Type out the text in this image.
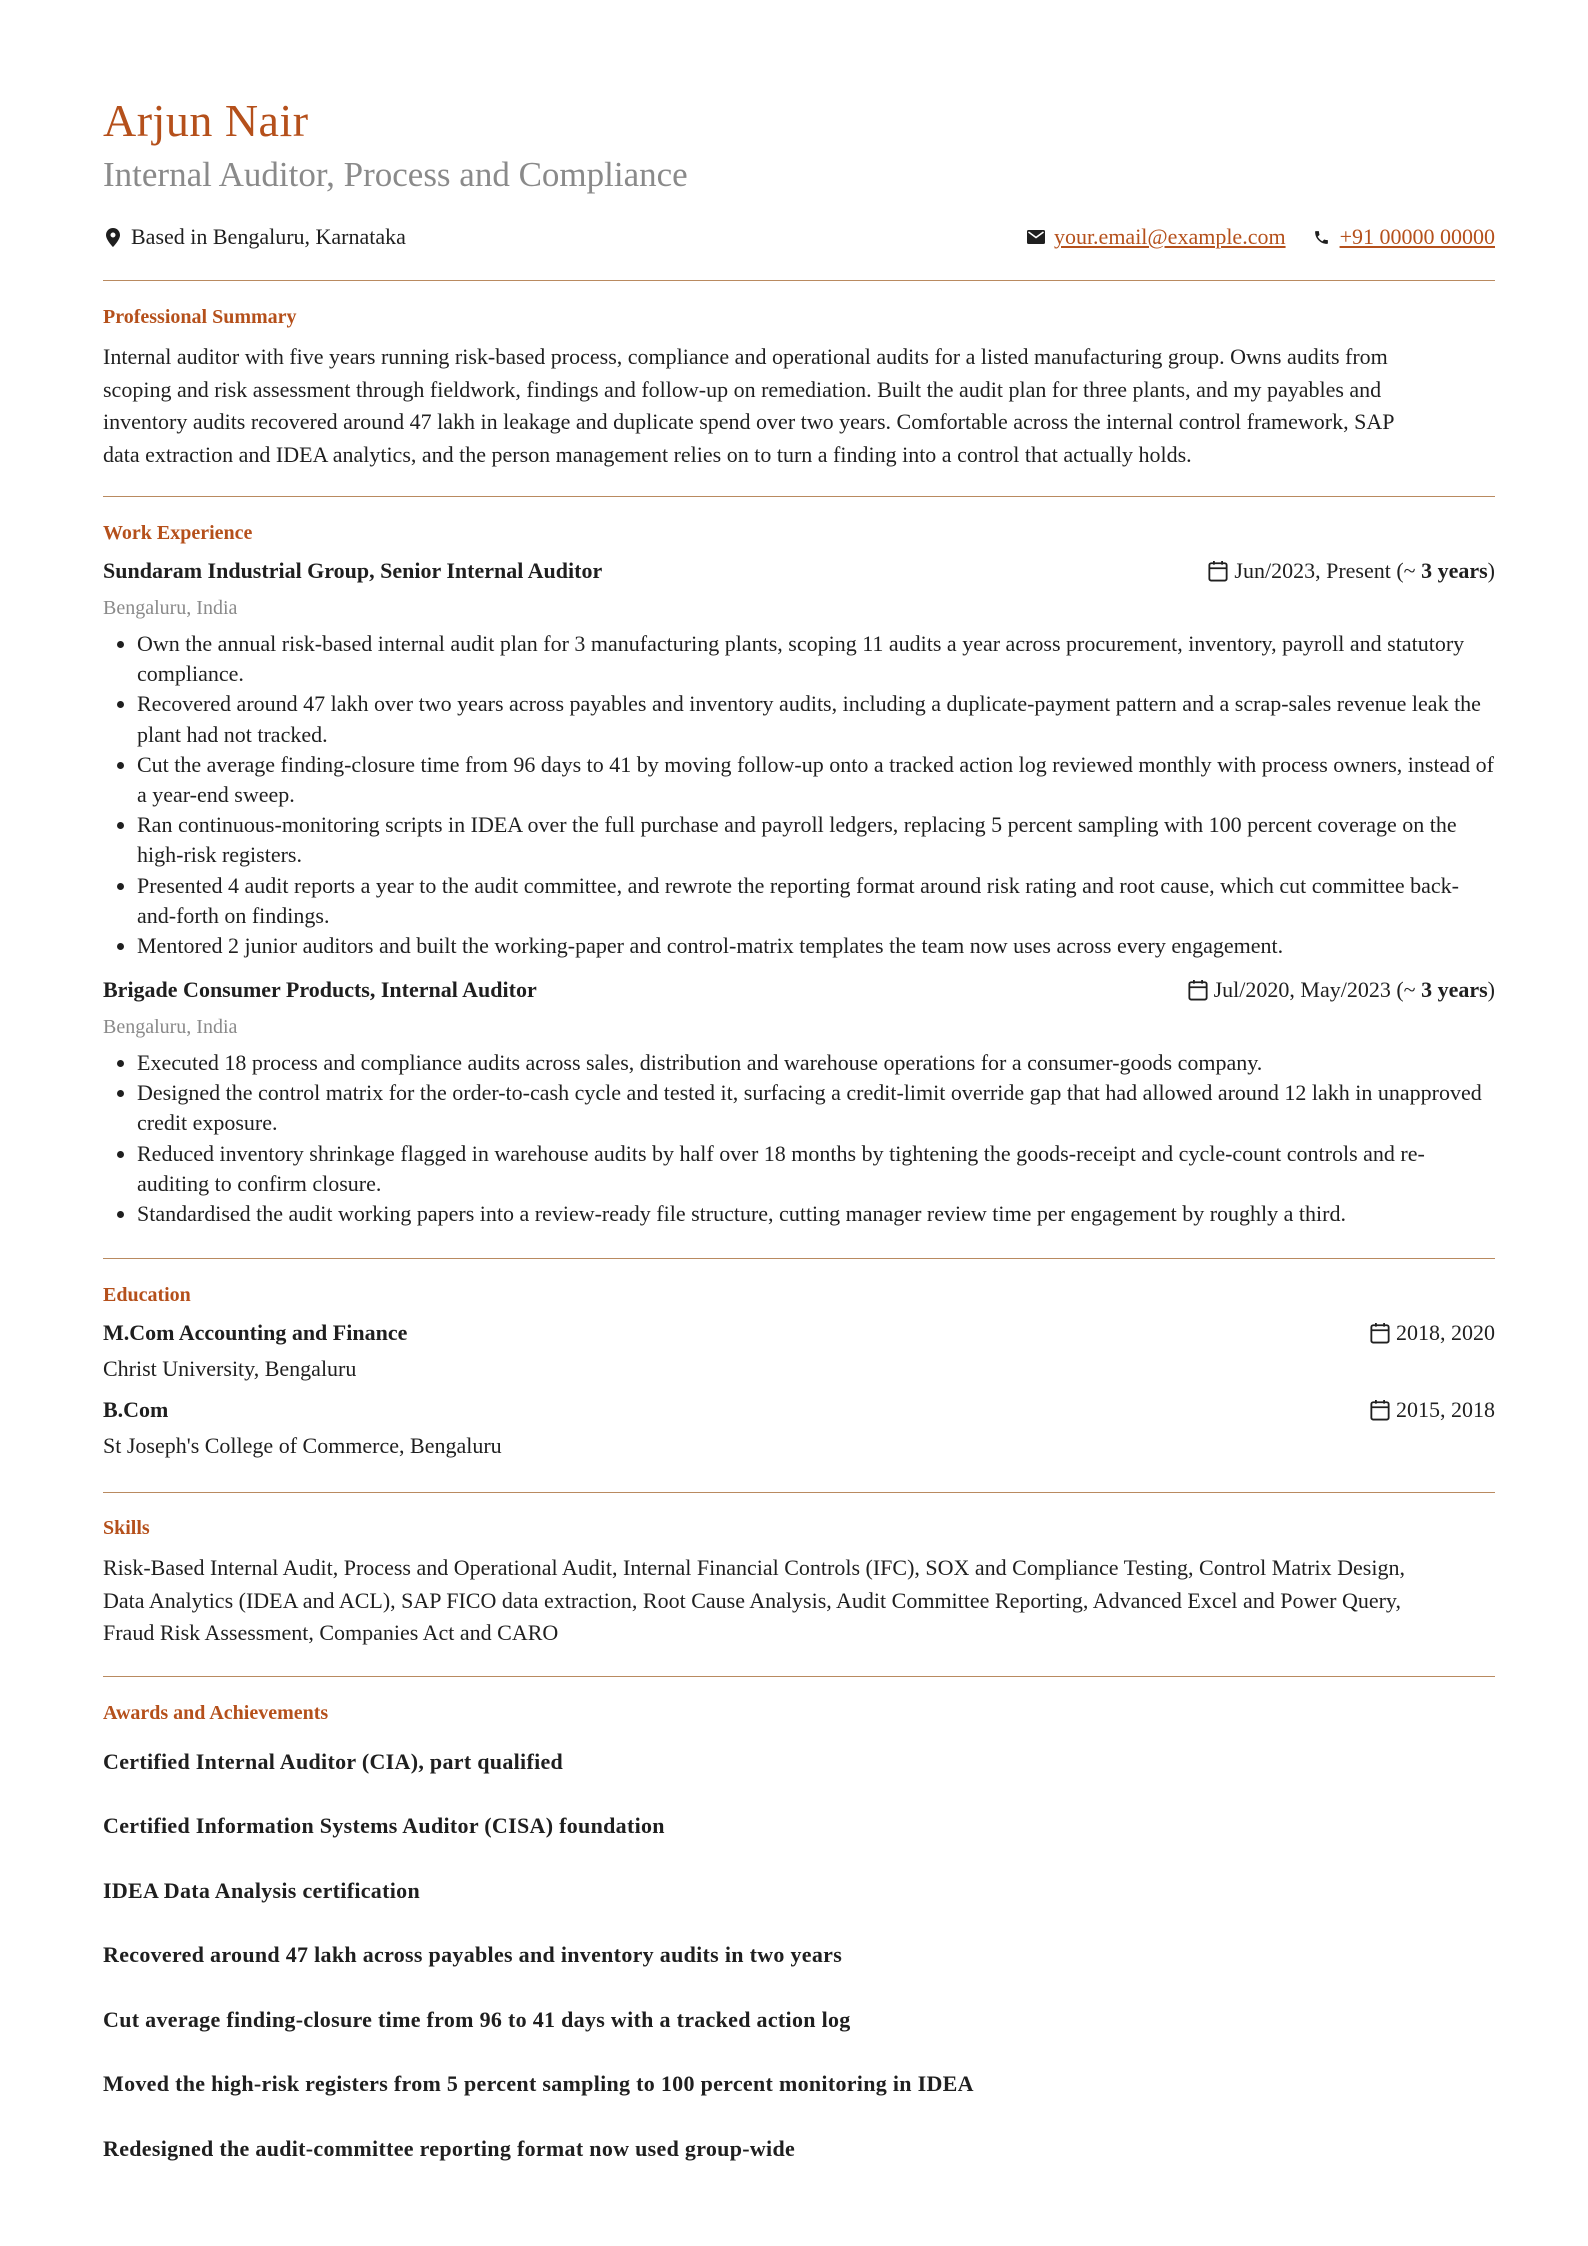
Arjun Nair
Internal Auditor, Process and Compliance
Based in Bengaluru, Karnataka	your.email@example.com +91 00000 00000
Professional Summary
Internal auditor with five years running risk-based process, compliance and operational audits for a listed manufacturing group. Owns audits from
scoping and risk assessment through fieldwork, findings and follow-up on remediation. Built the audit plan for three plants, and my payables and
inventory audits recovered around 47 lakh in leakage and duplicate spend over two years. Comfortable across the internal control framework, SAP
data extraction and IDEA analytics, and the person management relies on to turn a finding into a control that actually holds.
Work Experience
Sundaram Industrial Group, Senior Internal Auditor	Jun/2023, Present (~ 3 years)
Bengaluru, India
• Own the annual risk-based internal audit plan for 3 manufacturing plants, scoping 11 audits a year across procurement, inventory, payroll and statutory compliance.
• Recovered around 47 lakh over two years across payables and inventory audits, including a duplicate-payment pattern and a scrap-sales revenue leak the plant had not tracked.
• Cut the average finding-closure time from 96 days to 41 by moving follow-up onto a tracked action log reviewed monthly with process owners, instead of a year-end sweep.
• Ran continuous-monitoring scripts in IDEA over the full purchase and payroll ledgers, replacing 5 percent sampling with 100 percent coverage on the high-risk registers.
• Presented 4 audit reports a year to the audit committee, and rewrote the reporting format around risk rating and root cause, which cut committee back-and-forth on findings.
• Mentored 2 junior auditors and built the working-paper and control-matrix templates the team now uses across every engagement.
Brigade Consumer Products, Internal Auditor	Jul/2020, May/2023 (~ 3 years)
Bengaluru, India
• Executed 18 process and compliance audits across sales, distribution and warehouse operations for a consumer-goods company.
• Designed the control matrix for the order-to-cash cycle and tested it, surfacing a credit-limit override gap that had allowed around 12 lakh in unapproved credit exposure.
• Reduced inventory shrinkage flagged in warehouse audits by half over 18 months by tightening the goods-receipt and cycle-count controls and re-auditing to confirm closure.
• Standardised the audit working papers into a review-ready file structure, cutting manager review time per engagement by roughly a third.
Education
M.Com Accounting and Finance	2018, 2020
Christ University, Bengaluru
B.Com	2015, 2018
St Joseph's College of Commerce, Bengaluru
Skills
Risk-Based Internal Audit, Process and Operational Audit, Internal Financial Controls (IFC), SOX and Compliance Testing, Control Matrix Design,
Data Analytics (IDEA and ACL), SAP FICO data extraction, Root Cause Analysis, Audit Committee Reporting, Advanced Excel and Power Query,
Fraud Risk Assessment, Companies Act and CARO
Awards and Achievements
Certified Internal Auditor (CIA), part qualified
Certified Information Systems Auditor (CISA) foundation
IDEA Data Analysis certification
Recovered around 47 lakh across payables and inventory audits in two years
Cut average finding-closure time from 96 to 41 days with a tracked action log
Moved the high-risk registers from 5 percent sampling to 100 percent monitoring in IDEA
Redesigned the audit-committee reporting format now used group-wide
